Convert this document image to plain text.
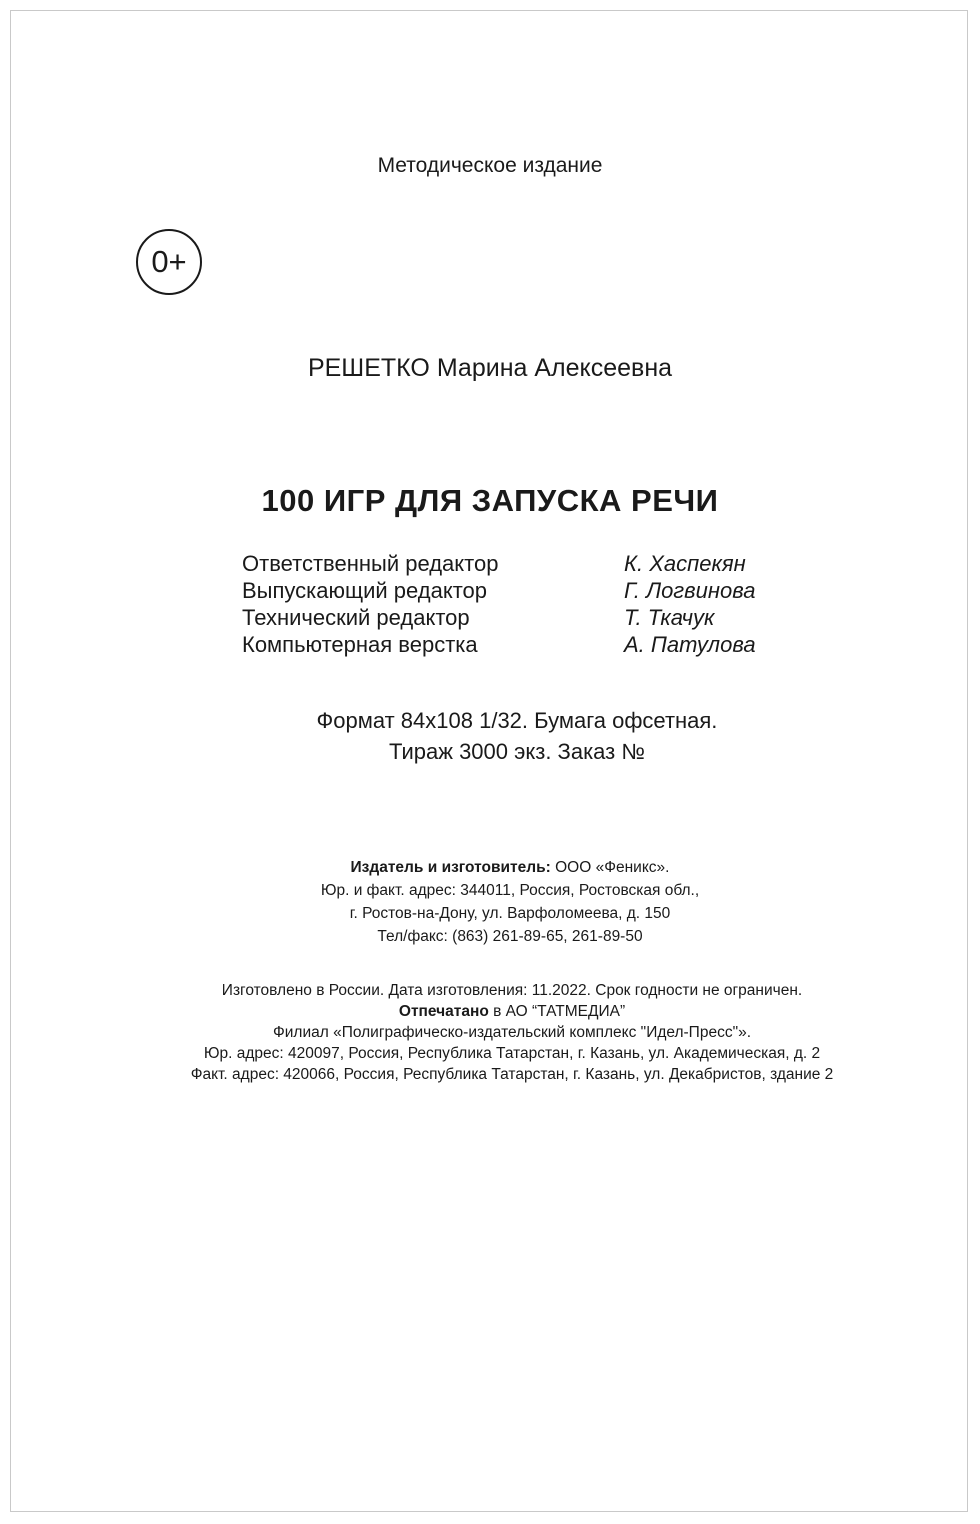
Методическое издание
0+
РЕШЕТКО Марина Алексеевна
100 ИГР ДЛЯ ЗАПУСКА РЕЧИ
Ответственный редактор	К. Хаспекян
Выпускающий редактор	Г. Логвинова
Технический редактор	Т. Ткачук
Компьютерная верстка	А. Патулова
Формат 84x108 1/32. Бумага офсетная.
Тираж 3000 экз. Заказ №
Издатель и изготовитель: ООО «Феникс».
Юр. и факт. адрес: 344011, Россия, Ростовская обл.,
г. Ростов-на-Дону, ул. Варфоломеева, д. 150
Тел/факс: (863) 261-89-65, 261-89-50
Изготовлено в России. Дата изготовления: 11.2022. Срок годности не ограничен.
Отпечатано в АО “ТАТМЕДИА”
Филиал «Полиграфическо-издательский комплекс "Идел-Пресс"».
Юр. адрес: 420097, Россия, Республика Татарстан, г. Казань, ул. Академическая, д. 2
Факт. адрес: 420066, Россия, Республика Татарстан, г. Казань, ул. Декабристов, здание 2
